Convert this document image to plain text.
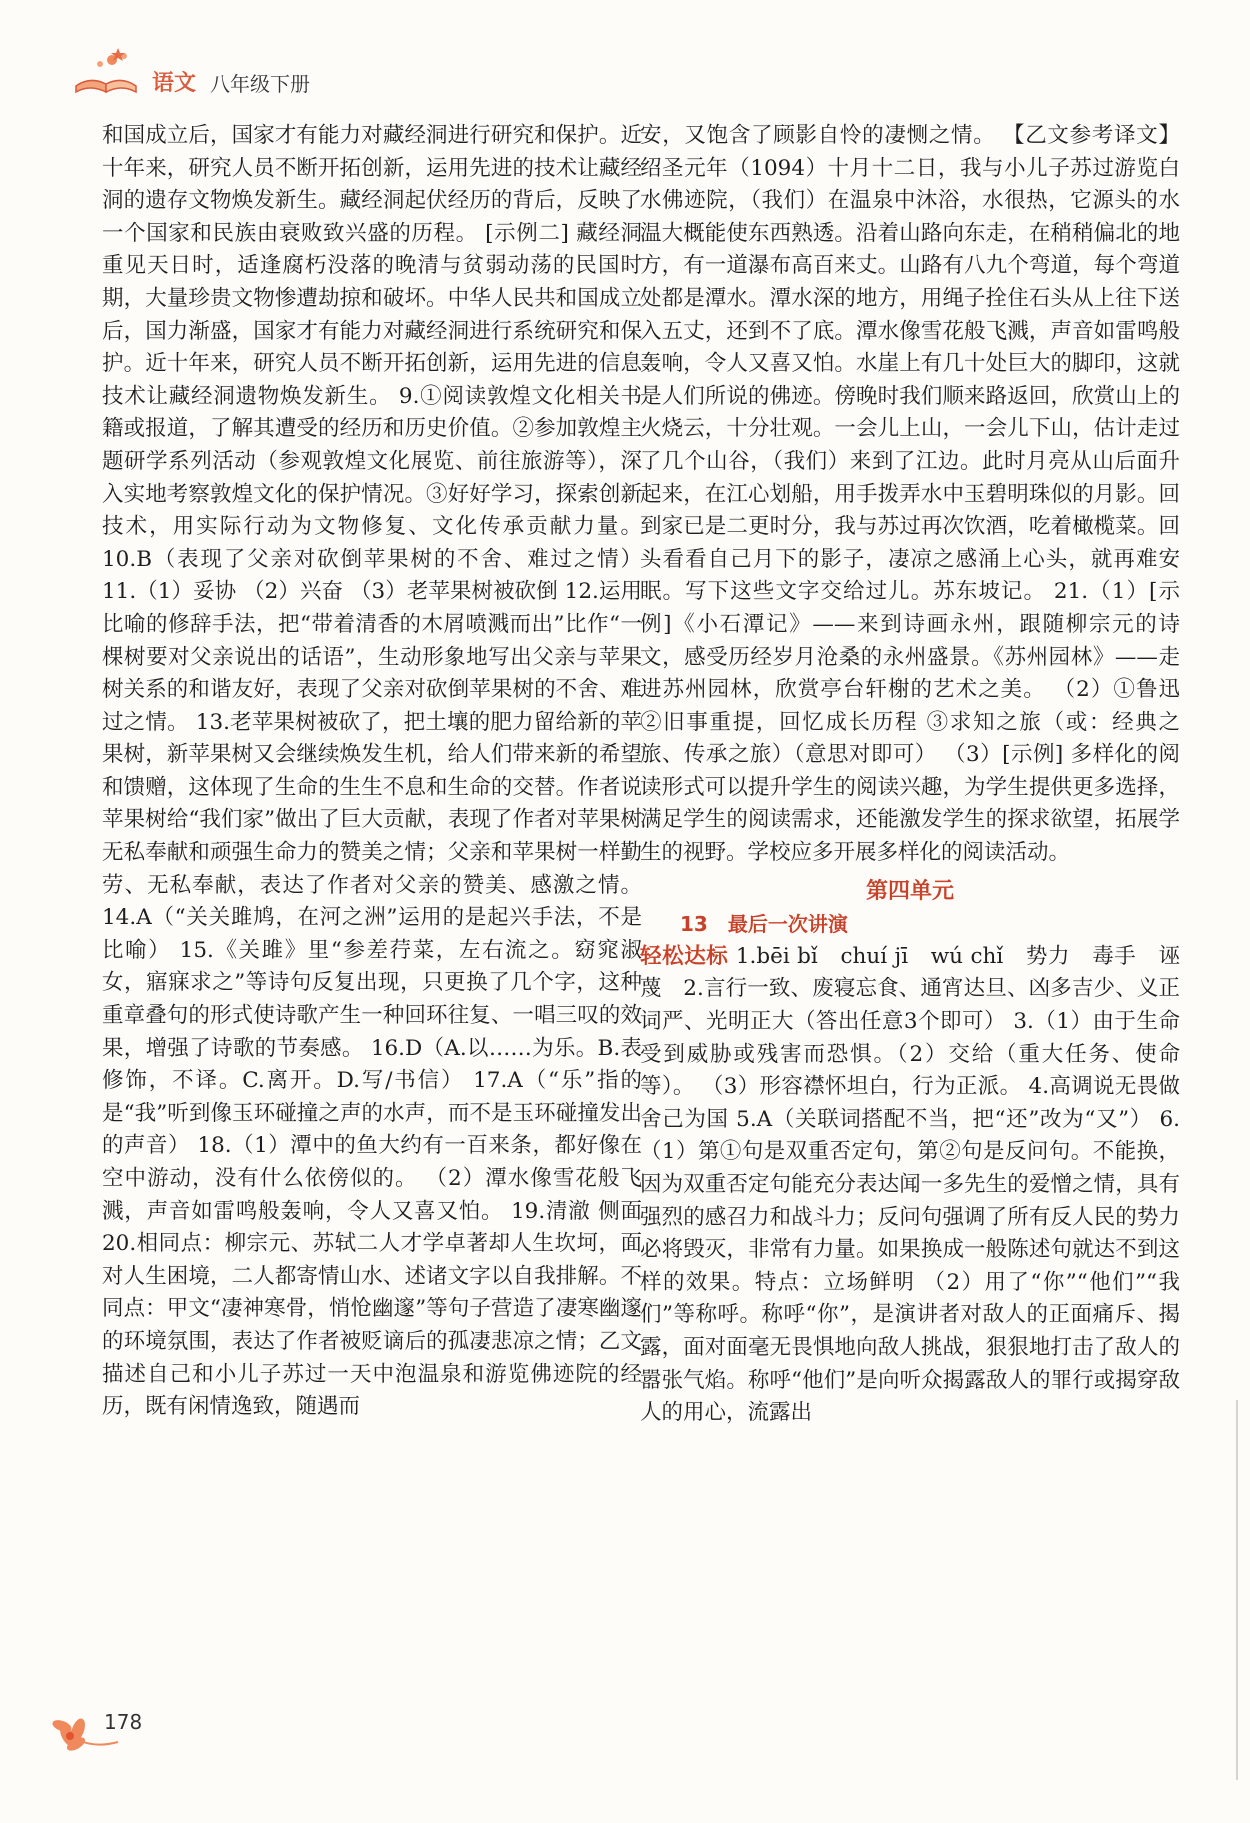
语文 八年级下册

和国成立后，国家才有能力对藏经洞进行研究和保护。近十年来，研究人员不断开拓创新，运用先进的技术让藏经洞的遗存文物焕发新生。藏经洞起伏经历的背后，反映了一个国家和民族由衰败致兴盛的历程。 [示例二] 藏经洞重见天日时，适逢腐朽没落的晚清与贫弱动荡的民国时期，大量珍贵文物惨遭劫掠和破坏。中华人民共和国成立后，国力渐盛，国家才有能力对藏经洞进行系统研究和保护。近十年来，研究人员不断开拓创新，运用先进的信息技术让藏经洞遗物焕发新生。 9.①阅读敦煌文化相关书籍或报道，了解其遭受的经历和历史价值。②参加敦煌主题研学系列活动（参观敦煌文化展览、前往旅游等），深入实地考察敦煌文化的保护情况。③好好学习，探索创新技术，用实际行动为文物修复、文化传承贡献力量。 10.B（表现了父亲对砍倒苹果树的不舍、难过之情） 11.（1）妥协 （2）兴奋 （3）老苹果树被砍倒 12.运用比喻的修辞手法，把“带着清香的木屑喷溅而出”比作“一棵树要对父亲说出的话语”，生动形象地写出父亲与苹果树关系的和谐友好，表现了父亲对砍倒苹果树的不舍、难过之情。 13.老苹果树被砍了，把土壤的肥力留给新的苹果树，新苹果树又会继续焕发生机，给人们带来新的希望和馈赠，这体现了生命的生生不息和生命的交替。作者说苹果树给“我们家”做出了巨大贡献，表现了作者对苹果树无私奉献和顽强生命力的赞美之情；父亲和苹果树一样勤劳、无私奉献，表达了作者对父亲的赞美、感激之情。 14.A（“关关雎鸠，在河之洲”运用的是起兴手法，不是比喻） 15.《关雎》里“参差荇菜，左右流之。窈窕淑女，寤寐求之”等诗句反复出现，只更换了几个字，这种重章叠句的形式使诗歌产生一种回环往复、一唱三叹的效果，增强了诗歌的节奏感。 16.D（A.以……为乐。B.表修饰，不译。C.离开。D.写/书信） 17.A（“乐”指的是“我”听到像玉环碰撞之声的水声，而不是玉环碰撞发出的声音） 18.（1）潭中的鱼大约有一百来条，都好像在空中游动，没有什么依傍似的。 （2）潭水像雪花般飞溅，声音如雷鸣般轰响，令人又喜又怕。 19.清澈 侧面 20.相同点：柳宗元、苏轼二人才学卓著却人生坎坷，面对人生困境，二人都寄情山水、述诸文字以自我排解。不同点：甲文“凄神寒骨，悄怆幽邃”等句子营造了凄寒幽邃的环境氛围，表达了作者被贬谪后的孤凄悲凉之情；乙文描述自己和小儿子苏过一天中泡温泉和游览佛迹院的经历，既有闲情逸致，随遇而

安，又饱含了顾影自怜的凄恻之情。 【乙文参考译文】绍圣元年（1094）十月十二日，我与小儿子苏过游览白水佛迹院，（我们）在温泉中沐浴，水很热，它源头的水温大概能使东西熟透。沿着山路向东走，在稍稍偏北的地方，有一道瀑布高百来丈。山路有八九个弯道，每个弯道处都是潭水。潭水深的地方，用绳子拴住石头从上往下送入五丈，还到不了底。潭水像雪花般飞溅，声音如雷鸣般轰响，令人又喜又怕。水崖上有几十处巨大的脚印，这就是人们所说的佛迹。傍晚时我们顺来路返回，欣赏山上的火烧云，十分壮观。一会儿上山，一会儿下山，估计走过了几个山谷，（我们）来到了江边。此时月亮从山后面升起来，在江心划船，用手拨弄水中玉碧明珠似的月影。回到家已是二更时分，我与苏过再次饮酒，吃着橄榄菜。回头看看自己月下的影子，凄凉之感涌上心头，就再难安眠。写下这些文字交给过儿。苏东坡记。 21.（1）[示例]《小石潭记》——来到诗画永州，跟随柳宗元的诗文，感受历经岁月沧桑的永州盛景。《苏州园林》——走进苏州园林，欣赏亭台轩榭的艺术之美。 （2）①鲁迅 ②旧事重提，回忆成长历程 ③求知之旅（或：经典之旅、传承之旅）（意思对即可） （3）[示例] 多样化的阅读形式可以提升学生的阅读兴趣，为学生提供更多选择，满足学生的阅读需求，还能激发学生的探求欲望，拓展学生的视野。学校应多开展多样化的阅读活动。

第四单元
13　最后一次讲演

轻松达标 1.bēi bǐ　chuí jī　wú chǐ　势力　毒手　诬蔑　2.言行一致、废寝忘食、通宵达旦、凶多吉少、义正词严、光明正大（答出任意3个即可） 3.（1）由于生命受到威胁或残害而恐惧。（2）交给（重大任务、使命等）。 （3）形容襟怀坦白，行为正派。 4.高调说无畏做舍己为国 5.A（关联词搭配不当，把“还”改为“又”） 6.（1）第①句是双重否定句，第②句是反问句。不能换，因为双重否定句能充分表达闻一多先生的爱憎之情，具有强烈的感召力和战斗力；反问句强调了所有反人民的势力必将毁灭，非常有力量。如果换成一般陈述句就达不到这样的效果。特点：立场鲜明 （2）用了“你”“他们”“我们”等称呼。称呼“你”，是演讲者对敌人的正面痛斥、揭露，面对面毫无畏惧地向敌人挑战，狠狠地打击了敌人的嚣张气焰。称呼“他们”是向听众揭露敌人的罪行或揭穿敌人的用心，流露出

178
